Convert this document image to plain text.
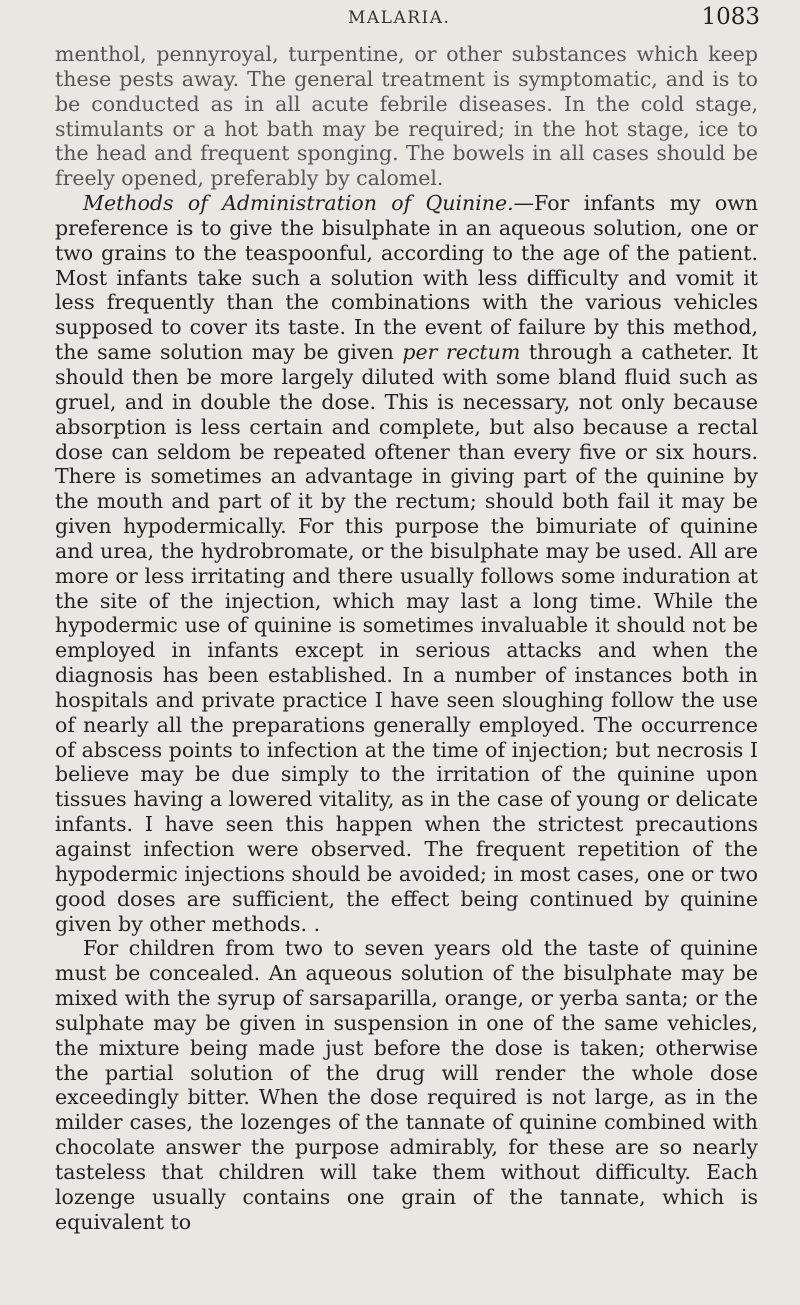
MALARIA.	1083

menthol, pennyroyal, turpentine, or other substances which keep these pests away. The general treatment is symptomatic, and is to be conducted as in all acute febrile diseases. In the cold stage, stimulants or a hot bath may be required; in the hot stage, ice to the head and frequent sponging. The bowels in all cases should be freely opened, preferably by calomel.

Methods of Administration of Quinine.—For infants my own preference is to give the bisulphate in an aqueous solution, one or two grains to the teaspoonful, according to the age of the patient. Most infants take such a solution with less difficulty and vomit it less frequently than the combinations with the various vehicles supposed to cover its taste. In the event of failure by this method, the same solution may be given per rectum through a catheter. It should then be more largely diluted with some bland fluid such as gruel, and in double the dose. This is necessary, not only because absorption is less certain and complete, but also because a rectal dose can seldom be repeated oftener than every five or six hours. There is sometimes an advantage in giving part of the quinine by the mouth and part of it by the rectum; should both fail it may be given hypodermically. For this purpose the bimuriate of quinine and urea, the hydrobromate, or the bisulphate may be used. All are more or less irritating and there usually follows some induration at the site of the injection, which may last a long time. While the hypodermic use of quinine is sometimes invaluable it should not be employed in infants except in serious attacks and when the diagnosis has been established. In a number of instances both in hospitals and private practice I have seen sloughing follow the use of nearly all the preparations generally employed. The occurrence of abscess points to infection at the time of injection; but necrosis I believe may be due simply to the irritation of the quinine upon tissues having a lowered vitality, as in the case of young or delicate infants. I have seen this happen when the strictest precautions against infection were observed. The frequent repetition of the hypodermic injections should be avoided; in most cases, one or two good doses are sufficient, the effect being continued by quinine given by other methods. .

For children from two to seven years old the taste of quinine must be concealed. An aqueous solution of the bisulphate may be mixed with the syrup of sarsaparilla, orange, or yerba santa; or the sulphate may be given in suspension in one of the same vehicles, the mixture being made just before the dose is taken; otherwise the partial solution of the drug will render the whole dose exceedingly bitter. When the dose required is not large, as in the milder cases, the lozenges of the tannate of quinine combined with chocolate answer the purpose admirably, for these are so nearly tasteless that children will take them without difficulty. Each lozenge usually contains one grain of the tannate, which is equivalent to
